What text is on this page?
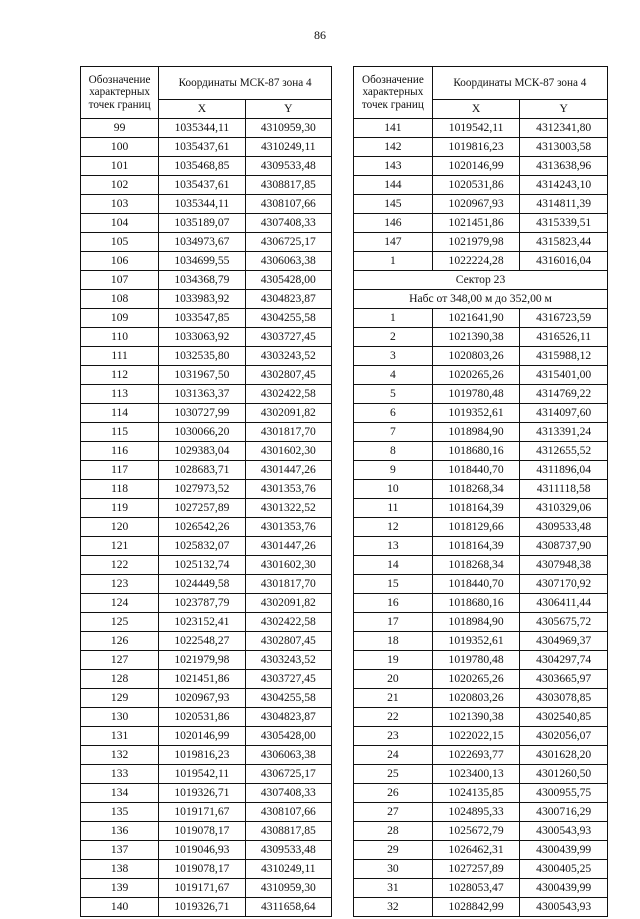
86
Обозначение характерных точек границ	Координаты МСК-87 зона 4	
	X	Y
99	1035344,11	4310959,30
100	1035437,61	4310249,11
101	1035468,85	4309533,48
102	1035437,61	4308817,85
103	1035344,11	4308107,66
104	1035189,07	4307408,33
105	1034973,67	4306725,17
106	1034699,55	4306063,38
107	1034368,79	4305428,00
108	1033983,92	4304823,87
109	1033547,85	4304255,58
110	1033063,92	4303727,45
111	1032535,80	4303243,52
112	1031967,50	4302807,45
113	1031363,37	4302422,58
114	1030727,99	4302091,82
115	1030066,20	4301817,70
116	1029383,04	4301602,30
117	1028683,71	4301447,26
118	1027973,52	4301353,76
119	1027257,89	4301322,52
120	1026542,26	4301353,76
121	1025832,07	4301447,26
122	1025132,74	4301602,30
123	1024449,58	4301817,70
124	1023787,79	4302091,82
125	1023152,41	4302422,58
126	1022548,27	4302807,45
127	1021979,98	4303243,52
128	1021451,86	4303727,45
129	1020967,93	4304255,58
130	1020531,86	4304823,87
131	1020146,99	4305428,00
132	1019816,23	4306063,38
133	1019542,11	4306725,17
134	1019326,71	4307408,33
135	1019171,67	4308107,66
136	1019078,17	4308817,85
137	1019046,93	4309533,48
138	1019078,17	4310249,11
139	1019171,67	4310959,30
140	1019326,71	4311658,64
Обозначение характерных точек границ	Координаты МСК-87 зона 4	
	X	Y
141	1019542,11	4312341,80
142	1019816,23	4313003,58
143	1020146,99	4313638,96
144	1020531,86	4314243,10
145	1020967,93	4314811,39
146	1021451,86	4315339,51
147	1021979,98	4315823,44
1	1022224,28	4316016,04
Сектор 23		
Набс от 348,00 м до 352,00 м		
1	1021641,90	4316723,59
2	1021390,38	4316526,11
3	1020803,26	4315988,12
4	1020265,26	4315401,00
5	1019780,48	4314769,22
6	1019352,61	4314097,60
7	1018984,90	4313391,24
8	1018680,16	4312655,52
9	1018440,70	4311896,04
10	1018268,34	4311118,58
11	1018164,39	4310329,06
12	1018129,66	4309533,48
13	1018164,39	4308737,90
14	1018268,34	4307948,38
15	1018440,70	4307170,92
16	1018680,16	4306411,44
17	1018984,90	4305675,72
18	1019352,61	4304969,37
19	1019780,48	4304297,74
20	1020265,26	4303665,97
21	1020803,26	4303078,85
22	1021390,38	4302540,85
23	1022022,15	4302056,07
24	1022693,77	4301628,20
25	1023400,13	4301260,50
26	1024135,85	4300955,75
27	1024895,33	4300716,29
28	1025672,79	4300543,93
29	1026462,31	4300439,99
30	1027257,89	4300405,25
31	1028053,47	4300439,99
32	1028842,99	4300543,93
